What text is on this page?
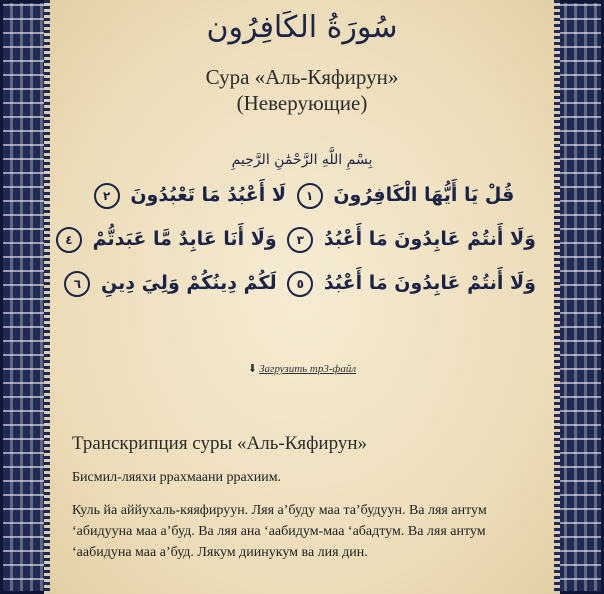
سُورَةُ الكَافِرُون
Сура «Аль-Кяфирун»
(Неверующие)
بِسْمِ اللَّهِ الرَّحْمَٰنِ الرَّحِيمِ
قُلْ يَا أَيُّهَا الْكَافِرُونَ ١ لَا أَعْبُدُ مَا تَعْبُدُونَ ٢
وَلَا أَنتُمْ عَابِدُونَ مَا أَعْبُدُ ٣ وَلَا أَنَا عَابِدٌ مَّا عَبَدتُّمْ ٤
وَلَا أَنتُمْ عَابِدُونَ مَا أَعْبُدُ ٥ لَكُمْ دِينُكُمْ وَلِيَ دِينِ ٦
⬇ Загрузить mp3-файл
Транскрипция суры «Аль-Кяфирун»
Бисмил-ляяхи ррахмаани ррахиим.
Куль йа аййухаль-кяяфируун. Ляя а’буду маа та’будуун. Ва ляя антум ‘абидууна маа а’буд. Ва ляя ана ‘аабидум-маа ‘абадтум. Ва ляя антум ‘аабидуна маа а’буд. Лякум диинукум ва лия дин.
